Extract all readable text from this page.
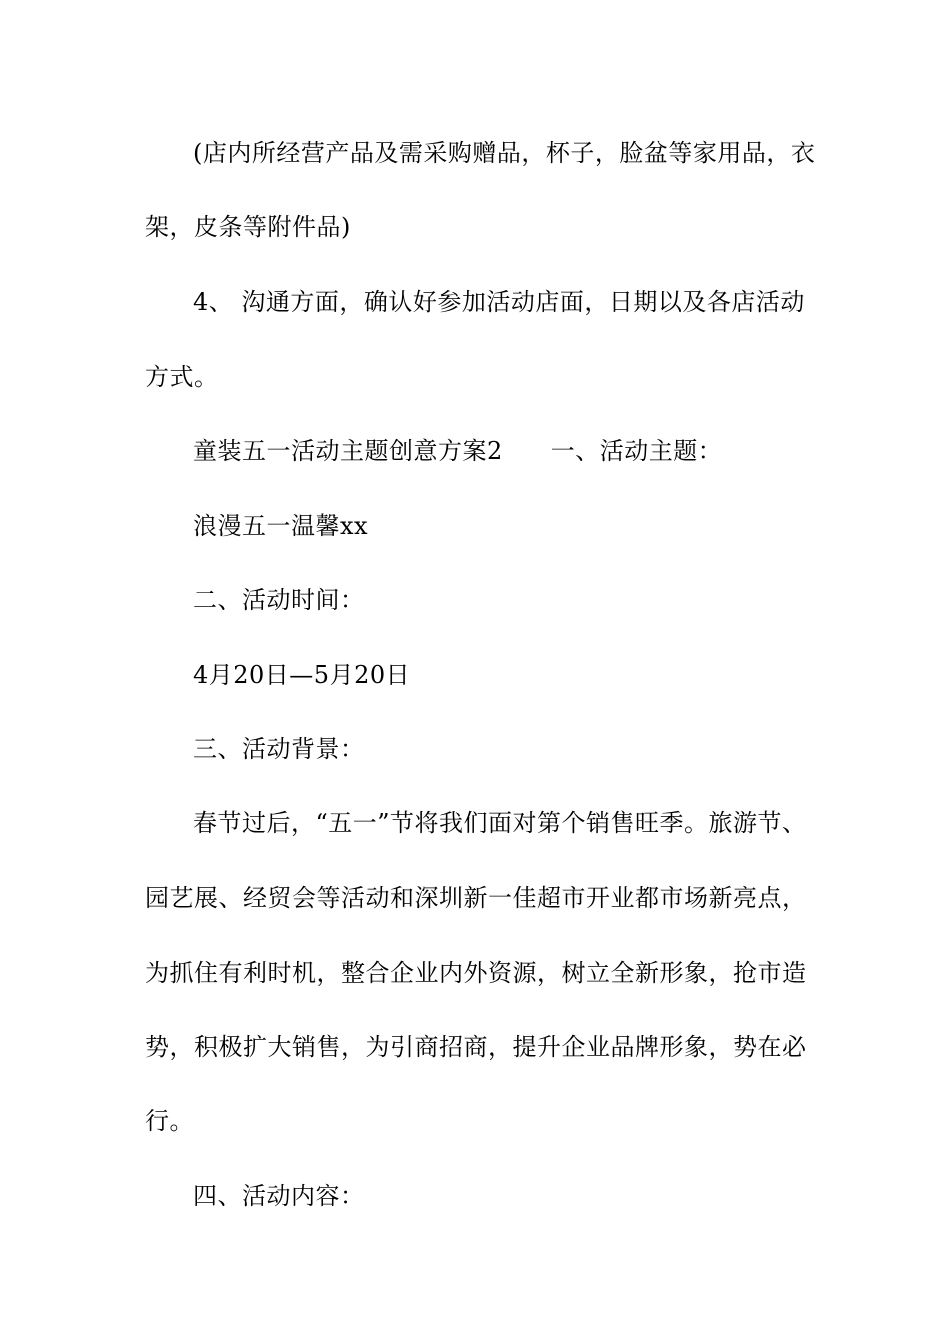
(店内所经营产品及需采购赠品，杯子，脸盆等家用品，衣
架，皮条等附件品)
4、 沟通方面，确认好参加活动店面，日期以及各店活动
方式。
童装五一活动主题创意方案2 一、活动主题：
浪漫五一温馨xx
二、活动时间：
4月20日—5月20日
三、活动背景：
春节过后，“五一”节将我们面对第个销售旺季。旅游节、
园艺展、经贸会等活动和深圳新一佳超市开业都市场新亮点，
为抓住有利时机，整合企业内外资源，树立全新形象，抢市造
势，积极扩大销售，为引商招商，提升企业品牌形象，势在必
行。
四、活动内容：
